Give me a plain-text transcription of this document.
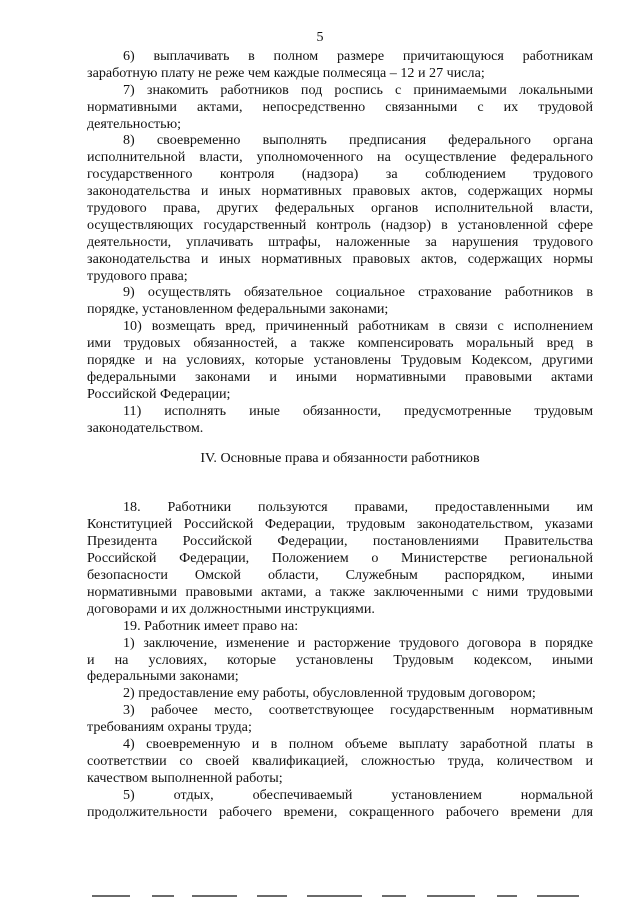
5
6) выплачивать в полном размере причитающуюся работникам
заработную плату не реже чем каждые полмесяца – 12 и 27 числа;
7) знакомить работников под роспись с принимаемыми локальными
нормативными актами, непосредственно связанными с их трудовой
деятельностью;
8) своевременно выполнять предписания федерального органа
исполнительной власти, уполномоченного на осуществление федерального
государственного контроля (надзора) за соблюдением трудового
законодательства и иных нормативных правовых актов, содержащих нормы
трудового права, других федеральных органов исполнительной власти,
осуществляющих государственный контроль (надзор) в установленной сфере
деятельности, уплачивать штрафы, наложенные за нарушения трудового
законодательства и иных нормативных правовых актов, содержащих нормы
трудового права;
9) осуществлять обязательное социальное страхование работников в
порядке, установленном федеральными законами;
10) возмещать вред, причиненный работникам в связи с исполнением
ими трудовых обязанностей, а также компенсировать моральный вред в
порядке и на условиях, которые установлены Трудовым Кодексом, другими
федеральными законами и иными нормативными правовыми актами
Российской Федерации;
11) исполнять иные обязанности, предусмотренные трудовым
законодательством.
IV. Основные права и обязанности работников
18. Работники пользуются правами, предоставленными им
Конституцией Российской Федерации, трудовым законодательством, указами
Президента Российской Федерации, постановлениями Правительства
Российской Федерации, Положением о Министерстве региональной
безопасности Омской области, Служебным распорядком, иными
нормативными правовыми актами, а также заключенными с ними трудовыми
договорами и их должностными инструкциями.
19. Работник имеет право на:
1) заключение, изменение и расторжение трудового договора в порядке
и на условиях, которые установлены Трудовым кодексом, иными
федеральными законами;
2) предоставление ему работы, обусловленной трудовым договором;
3) рабочее место, соответствующее государственным нормативным
требованиям охраны труда;
4) своевременную и в полном объеме выплату заработной платы в
соответствии со своей квалификацией, сложностью труда, количеством и
качеством выполненной работы;
5) отдых, обеспечиваемый установлением нормальной
продолжительности рабочего времени, сокращенного рабочего времени для
